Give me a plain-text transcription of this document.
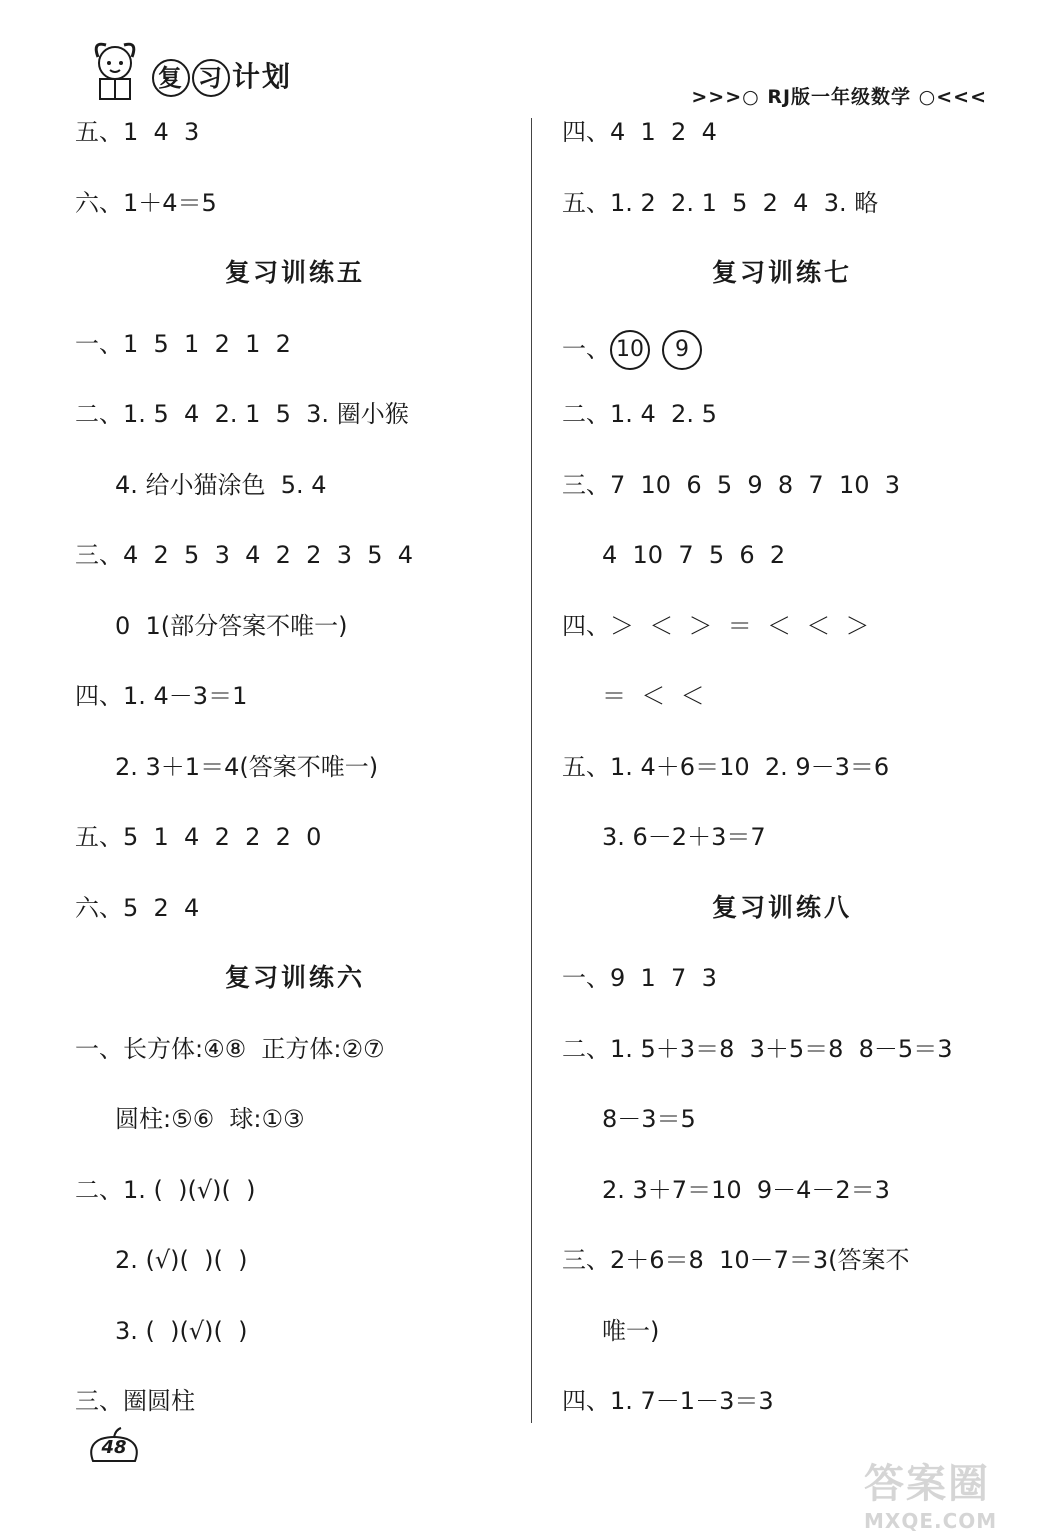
复 习 计划
>>>○ RJ版一年级数学 ○<<<
五、1  4  3
六、1＋4＝5
复习训练五
一、1  5  1  2  1  2
二、1. 5  4  2. 1  5  3. 圈小猴
4. 给小猫涂色  5. 4
三、4  2  5  3  4  2  2  3  5  4
0  1(部分答案不唯一)
四、1. 4－3＝1
2. 3＋1＝4(答案不唯一)
五、5  1  4  2  2  2  0
六、5  2  4
复习训练六
一、长方体:④⑧  正方体:②⑦
圆柱:⑤⑥  球:①③
二、1. (  )(√)(  )
2. (√)(  )(  )
3. (  )(√)(  )
三、圈圆柱
四、4  1  2  4
五、1. 2  2. 1  5  2  4  3. 略
复习训练七
一、 10 9
二、1. 4  2. 5
三、7  10  6  5  9  8  7  10  3
4  10  7  5  6  2
四、＞  ＜  ＞  ＝  ＜  ＜  ＞
＝  ＜  ＜
五、1. 4＋6＝10  2. 9－3＝6
3. 6－2＋3＝7
复习训练八
一、9  1  7  3
二、1. 5＋3＝8  3＋5＝8  8－5＝3
8－3＝5
2. 3＋7＝10  9－4－2＝3
三、2＋6＝8  10－7＝3(答案不
唯一)
四、1. 7－1－3＝3
48
答案圈
MXQE.COM
